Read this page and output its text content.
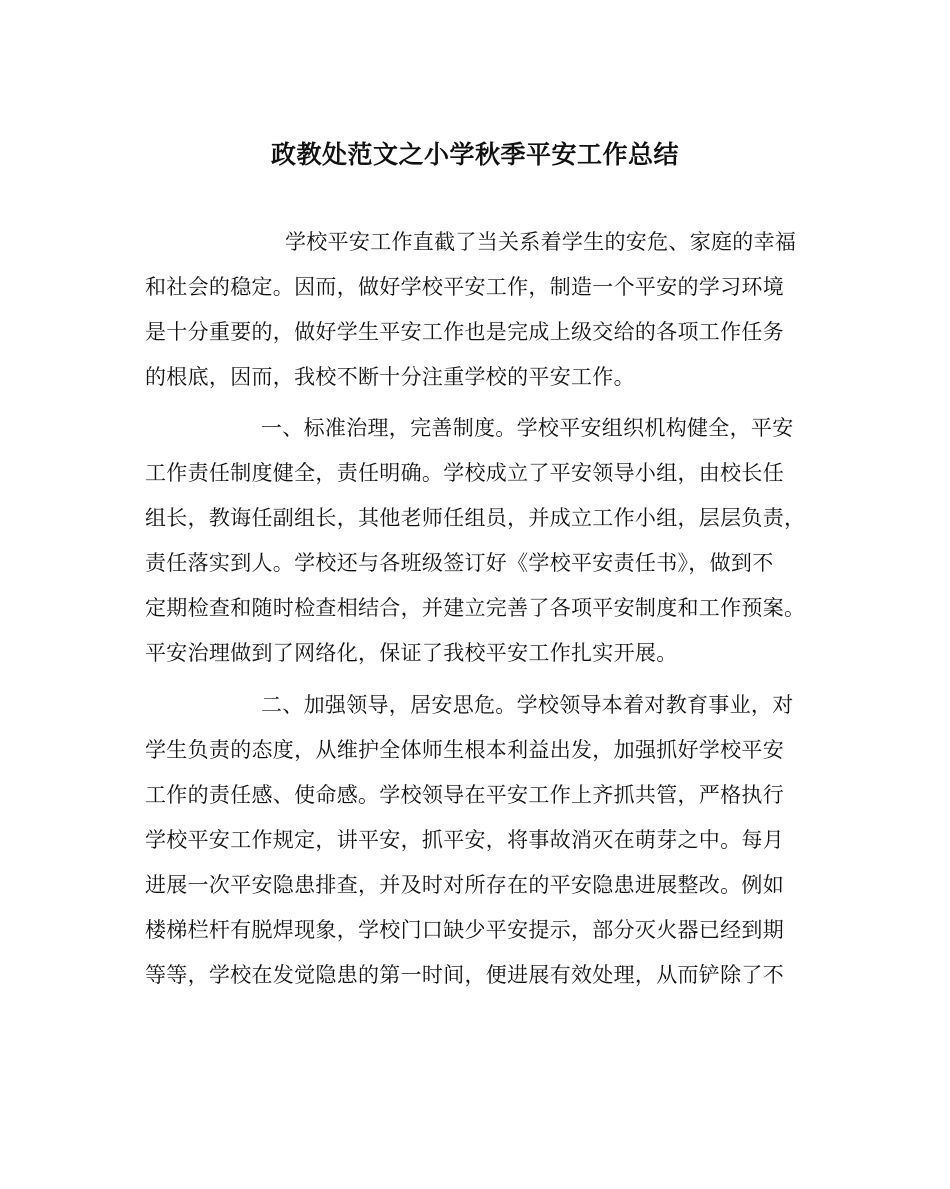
政教处范文之小学秋季平安工作总结
学校平安工作直截了当关系着学生的安危、家庭的幸福
和社会的稳定。因而，做好学校平安工作，制造一个平安的学习环境
是十分重要的，做好学生平安工作也是完成上级交给的各项工作任务
的根底，因而，我校不断十分注重学校的平安工作。
一、标准治理，完善制度。学校平安组织机构健全，平安
工作责任制度健全，责任明确。学校成立了平安领导小组，由校长任
组长，教诲任副组长，其他老师任组员，并成立工作小组，层层负责，
责任落实到人。学校还与各班级签订好《学校平安责任书》，做到不
定期检查和随时检查相结合，并建立完善了各项平安制度和工作预案。
平安治理做到了网络化，保证了我校平安工作扎实开展。
二、加强领导，居安思危。学校领导本着对教育事业，对
学生负责的态度，从维护全体师生根本利益出发，加强抓好学校平安
工作的责任感、使命感。学校领导在平安工作上齐抓共管，严格执行
学校平安工作规定，讲平安，抓平安，将事故消灭在萌芽之中。每月
进展一次平安隐患排查，并及时对所存在的平安隐患进展整改。例如
楼梯栏杆有脱焊现象，学校门口缺少平安提示，部分灭火器已经到期
等等，学校在发觉隐患的第一时间，便进展有效处理，从而铲除了不
